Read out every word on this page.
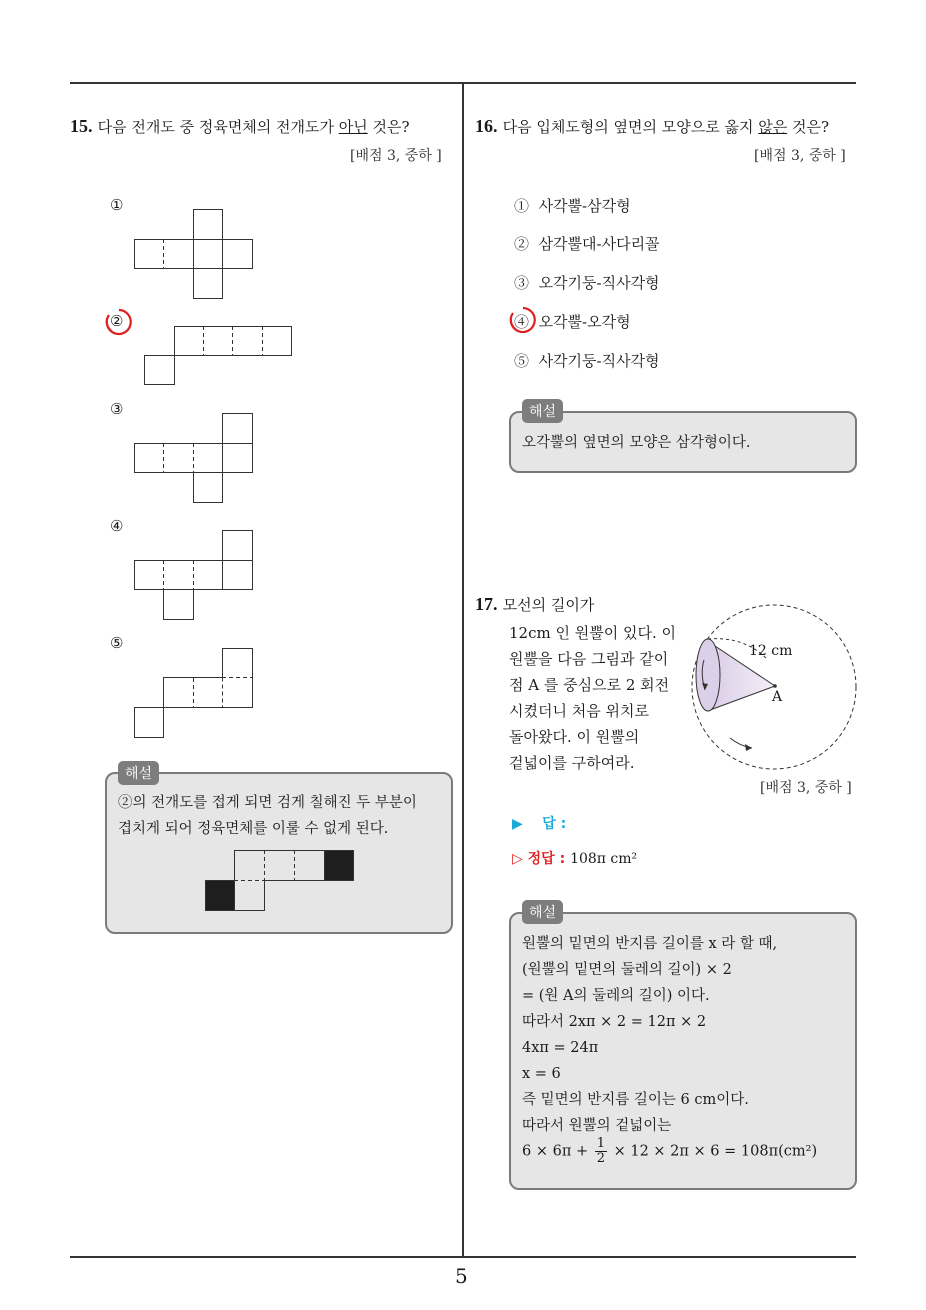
5
15. 다음 전개도 중 정육면체의 전개도가 아닌 것은?
[배점 3, 중하 ]
①
②
③
④
⑤
해설
②의 전개도를 접게 되면 검게 칠해진 두 부분이
겹치게 되어 정육면체를 이룰 수 없게 된다.
16. 다음 입체도형의 옆면의 모양으로 옳지 않은 것은?
[배점 3, 중하 ]
① 사각뿔-삼각형
② 삼각뿔대-사다리꼴
③ 오각기둥-직사각형
④ 오각뿔-오각형
⑤ 사각기둥-직사각형
해설
오각뿔의 옆면의 모양은 삼각형이다.
17. 모선의 길이가
12cm 인 원뿔이 있다. 이
원뿔을 다음 그림과 같이
점 A 를 중심으로 2 회전
시켰더니 처음 위치로
돌아왔다. 이 원뿔의
겉넓이를 구하여라.
12 cm
A
[배점 3, 중하 ]
▶ 답 :
▷ 정답 : 108π cm²
해설
원뿔의 밑면의 반지름 길이를 x 라 할 때,
(원뿔의 밑면의 둘레의 길이) × 2
= (원 A의 둘레의 길이) 이다.
따라서 2xπ × 2 = 12π × 2
4xπ = 24π
x = 6
즉 밑면의 반지름 길이는 6 cm이다.
따라서 원뿔의 겉넓이는
$6 \times 6\pi + \frac{1}{2} \times 12 \times 2\pi \times 6 = 108\pi(cm^2)$
